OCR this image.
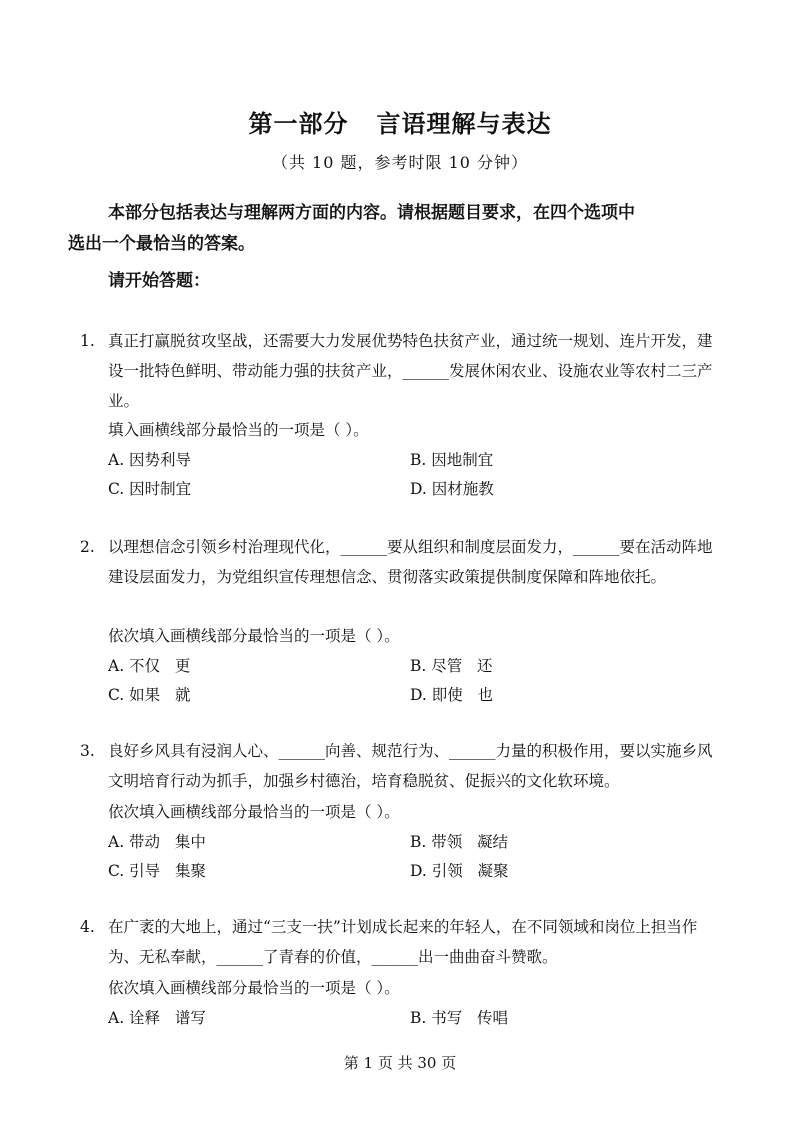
第一部分   言语理解与表达
（共 10 题，参考时限 10 分钟）
本部分包括表达与理解两方面的内容。请根据题目要求，在四个选项中
选出一个最恰当的答案。
请开始答题：
1. 真正打赢脱贫攻坚战，还需要大力发展优势特色扶贫产业，通过统一规划、连片开发，建设一批特色鲜明、带动能力强的扶贫产业，______发展休闲农业、设施农业等农村二三产业。
填入画横线部分最恰当的一项是（ ）。
A. 因势利导	B. 因地制宜
C. 因时制宜	D. 因材施教
2. 以理想信念引领乡村治理现代化，______要从组织和制度层面发力，______要在活动阵地建设层面发力，为党组织宣传理想信念、贯彻落实政策提供制度保障和阵地依托。
依次填入画横线部分最恰当的一项是（ ）。
A. 不仅   更	B. 尽管   还
C. 如果   就	D. 即使   也
3. 良好乡风具有浸润人心、______向善、规范行为、______力量的积极作用，要以实施乡风文明培育行动为抓手，加强乡村德治，培育稳脱贫、促振兴的文化软环境。
依次填入画横线部分最恰当的一项是（ ）。
A. 带动   集中	B. 带领   凝结
C. 引导   集聚	D. 引领   凝聚
4. 在广袤的大地上，通过“三支一扶”计划成长起来的年轻人，在不同领域和岗位上担当作为、无私奉献，______了青春的价值，______出一曲曲奋斗赞歌。
依次填入画横线部分最恰当的一项是（ ）。
A. 诠释   谱写	B. 书写   传唱
第 1 页 共 30 页
